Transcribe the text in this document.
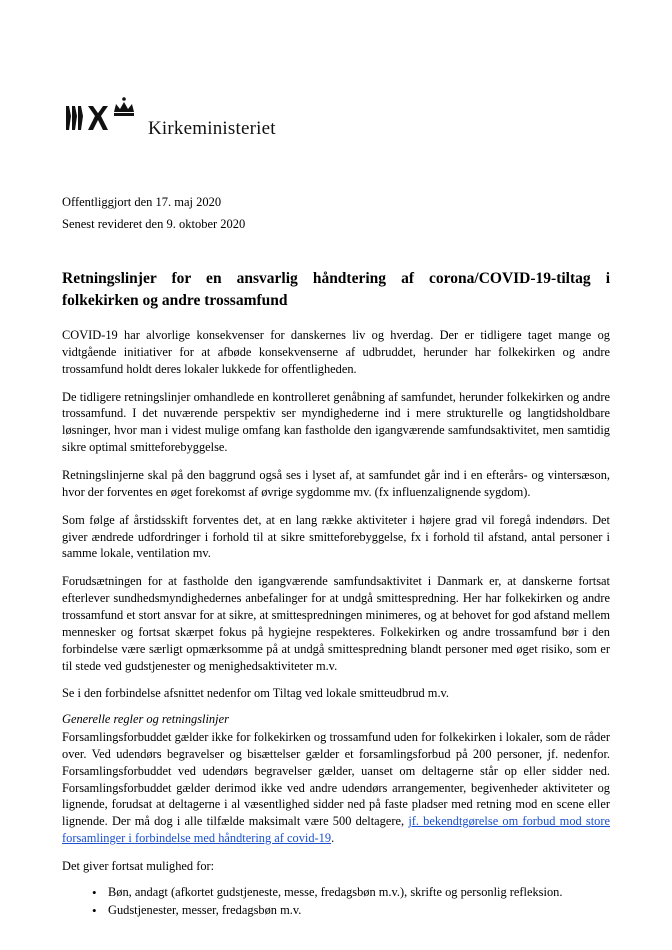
Kirkeministeriet
Offentliggjort den 17. maj 2020
Senest revideret den 9. oktober 2020
Retningslinjer for en ansvarlig håndtering af corona/COVID-19-tiltag i folkekirken og andre trossamfund

COVID-19 har alvorlige konsekvenser for danskernes liv og hverdag. Der er tidligere taget mange og vidtgående initiativer for at afbøde konsekvenserne af udbruddet, herunder har folkekirken og andre trossamfund holdt deres lokaler lukkede for offentligheden.

De tidligere retningslinjer omhandlede en kontrolleret genåbning af samfundet, herunder folkekirken og andre trossamfund. I det nuværende perspektiv ser myndighederne ind i mere strukturelle og langtidsholdbare løsninger, hvor man i videst mulige omfang kan fastholde den igangværende samfundsaktivitet, men samtidig sikre optimal smitteforebyggelse.

Retningslinjerne skal på den baggrund også ses i lyset af, at samfundet går ind i en efterårs- og vintersæson, hvor der forventes en øget forekomst af øvrige sygdomme mv. (fx influenzalignende sygdom).

Som følge af årstidsskift forventes det, at en lang række aktiviteter i højere grad vil foregå indendørs. Det giver ændrede udfordringer i forhold til at sikre smitteforebyggelse, fx i forhold til afstand, antal personer i samme lokale, ventilation mv.

Forudsætningen for at fastholde den igangværende samfundsaktivitet i Danmark er, at danskerne fortsat efterlever sundhedsmyndighedernes anbefalinger for at undgå smittespredning. Her har folkekirken og andre trossamfund et stort ansvar for at sikre, at smittespredningen minimeres, og at behovet for god afstand mellem mennesker og fortsat skærpet fokus på hygiejne respekteres. Folkekirken og andre trossamfund bør i den forbindelse være særligt opmærksomme på at undgå smittespredning blandt personer med øget risiko, som er til stede ved gudstjenester og menighedsaktiviteter m.v.

Se i den forbindelse afsnittet nedenfor om Tiltag ved lokale smitteudbrud m.v.

Generelle regler og retningslinjer

Forsamlingsforbuddet gælder ikke for folkekirken og trossamfund uden for folkekirken i lokaler, som de råder over. Ved udendørs begravelser og bisættelser gælder et forsamlingsforbud på 200 personer, jf. nedenfor. Forsamlingsforbuddet ved udendørs begravelser gælder, uanset om deltagerne står op eller sidder ned. Forsamlingsforbuddet gælder derimod ikke ved andre udendørs arrangementer, begivenheder aktiviteter og lignende, forudsat at deltagerne i al væsentlighed sidder ned på faste pladser med retning mod en scene eller lignende. Der må dog i alle tilfælde maksimalt være 500 deltagere, jf. bekendtgørelse om forbud mod store forsamlinger i forbindelse med håndtering af covid-19.

Det giver fortsat mulighed for:

• Bøn, andagt (afkortet gudstjeneste, messe, fredagsbøn m.v.), skrifte og personlig refleksion.
• Gudstjenester, messer, fredagsbøn m.v.
